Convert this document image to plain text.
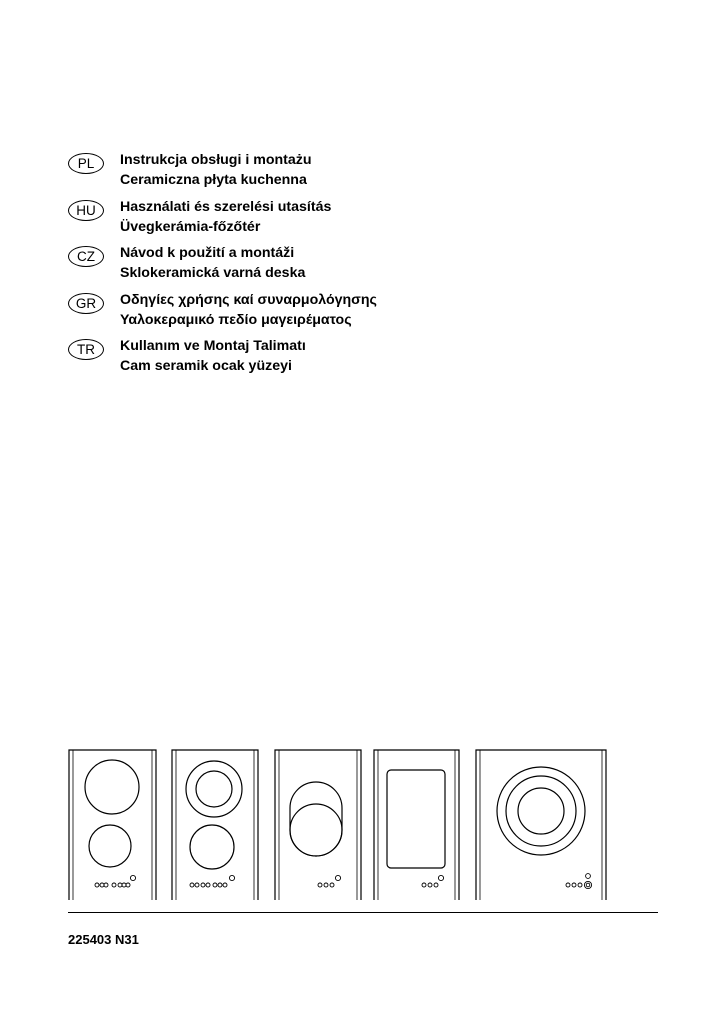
PL	Instrukcja obsługi i montażu
Ceramiczna płyta kuchenna
HU	Használati és szerelési utasítás
Üvegkerámia-főzőtér
CZ	Návod k použití a montáži
Sklokeramická varná deska
GR	Οδηγίες χρήσης καί συναρμολόγησης
Υαλοκεραμικό πεδίο μαγειρέματος
TR	Kullanım ve Montaj Talimatı
Cam seramik ocak yüzeyi
225403 N31
